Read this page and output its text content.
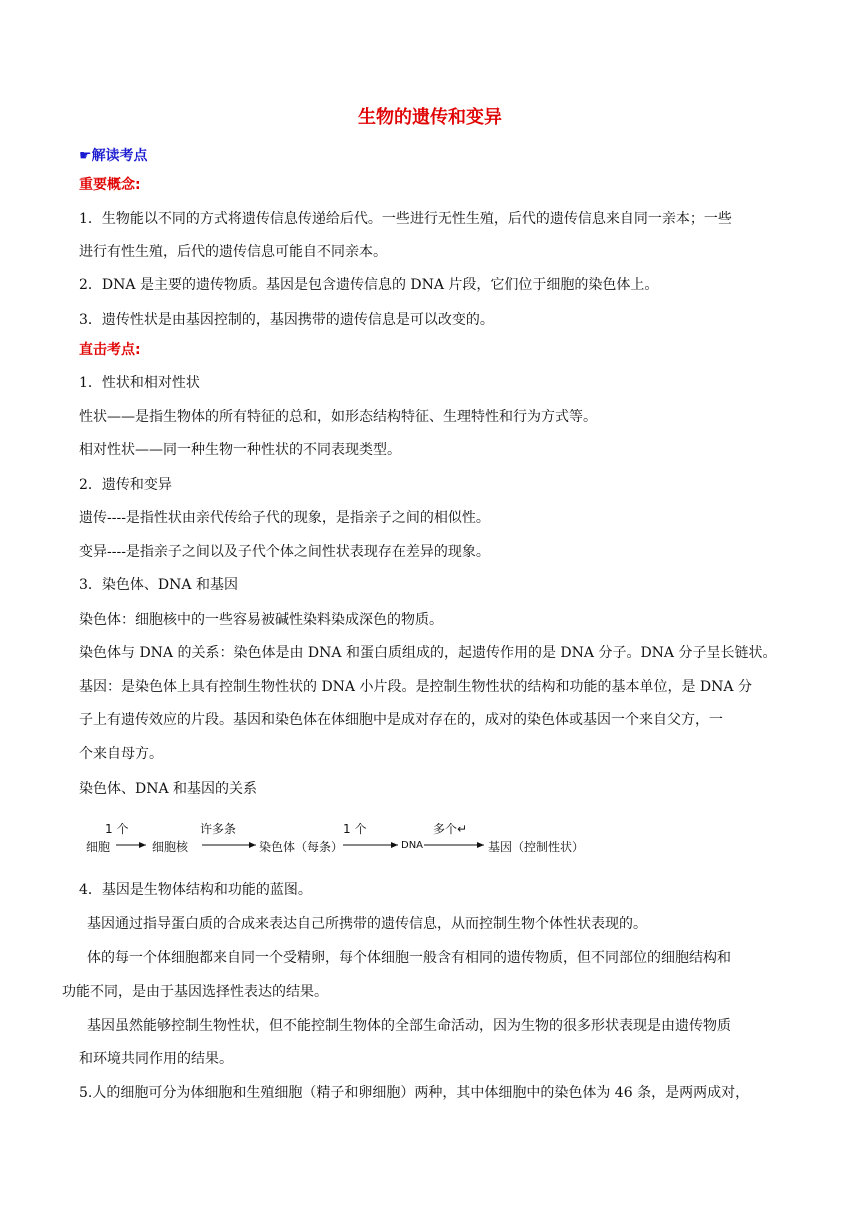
生物的遗传和变异
☛解读考点
重要概念:
1．生物能以不同的方式将遗传信息传递给后代。一些进行无性生殖，后代的遗传信息来自同一亲本；一些
进行有性生殖，后代的遗传信息可能自不同亲本。
2．DNA 是主要的遗传物质。基因是包含遗传信息的 DNA 片段，它们位于细胞的染色体上。
3．遗传性状是由基因控制的，基因携带的遗传信息是可以改变的。
直击考点:
1．性状和相对性状
性状——是指生物体的所有特征的总和，如形态结构特征、生理特性和行为方式等。
相对性状——同一种生物一种性状的不同表现类型。
2．遗传和变异
遗传----是指性状由亲代传给子代的现象，是指亲子之间的相似性。
变异----是指亲子之间以及子代个体之间性状表现存在差异的现象。
3．染色体、DNA 和基因
染色体：细胞核中的一些容易被碱性染料染成深色的物质。
染色体与 DNA 的关系：染色体是由 DNA 和蛋白质组成的，起遗传作用的是 DNA 分子。DNA 分子呈长链状。
基因：是染色体上具有控制生物性状的 DNA 小片段。是控制生物性状的结构和功能的基本单位，是 DNA 分
子上有遗传效应的片段。基因和染色体在体细胞中是成对存在的，成对的染色体或基因一个来自父方，一
个来自母方。
染色体、DNA 和基因的关系
1 个	许多条	1 个	多个↵
细胞	细胞核	染色体（每条）	DNA	基因（控制性状）
4．基因是生物体结构和功能的蓝图。
基因通过指导蛋白质的合成来表达自己所携带的遗传信息，从而控制生物个体性状表现的。
体的每一个体细胞都来自同一个受精卵，每个体细胞一般含有相同的遗传物质，但不同部位的细胞结构和
功能不同，是由于基因选择性表达的结果。
基因虽然能够控制生物性状，但不能控制生物体的全部生命活动，因为生物的很多形状表现是由遗传物质
和环境共同作用的结果。
5.人的细胞可分为体细胞和生殖细胞（精子和卵细胞）两种，其中体细胞中的染色体为 46 条，是两两成对，
